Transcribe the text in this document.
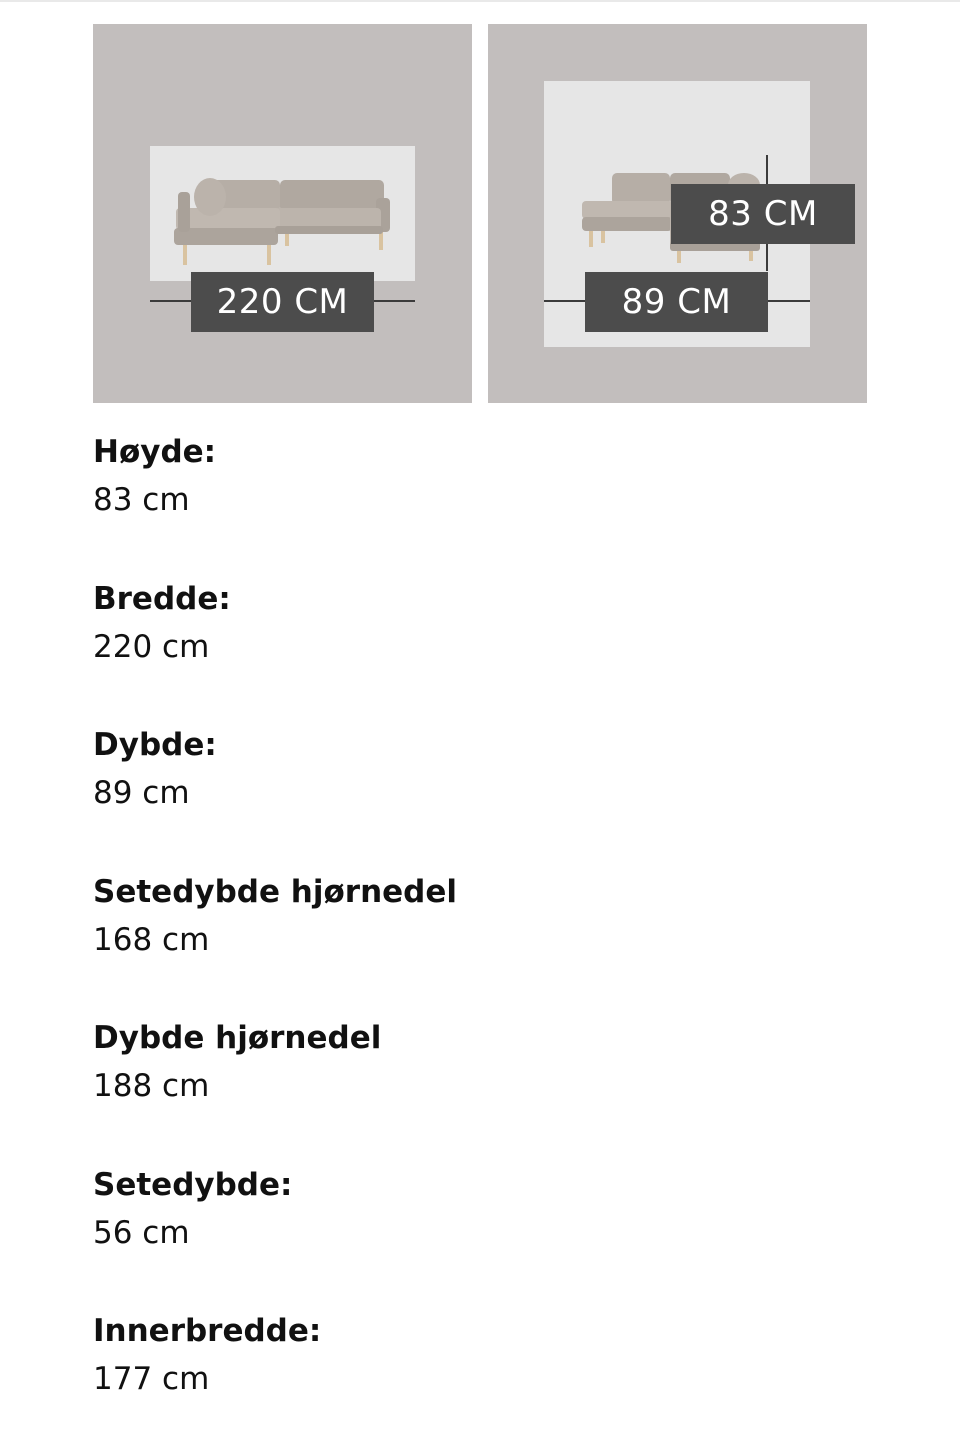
220 CM	89 CM
83 CM

Høyde:

83 cm

Bredde:

220 cm

Dybde:

89 cm

Setedybde hjørnedel

168 cm

Dybde hjørnedel

188 cm

Setedybde:

56 cm

Innerbredde:

177 cm
